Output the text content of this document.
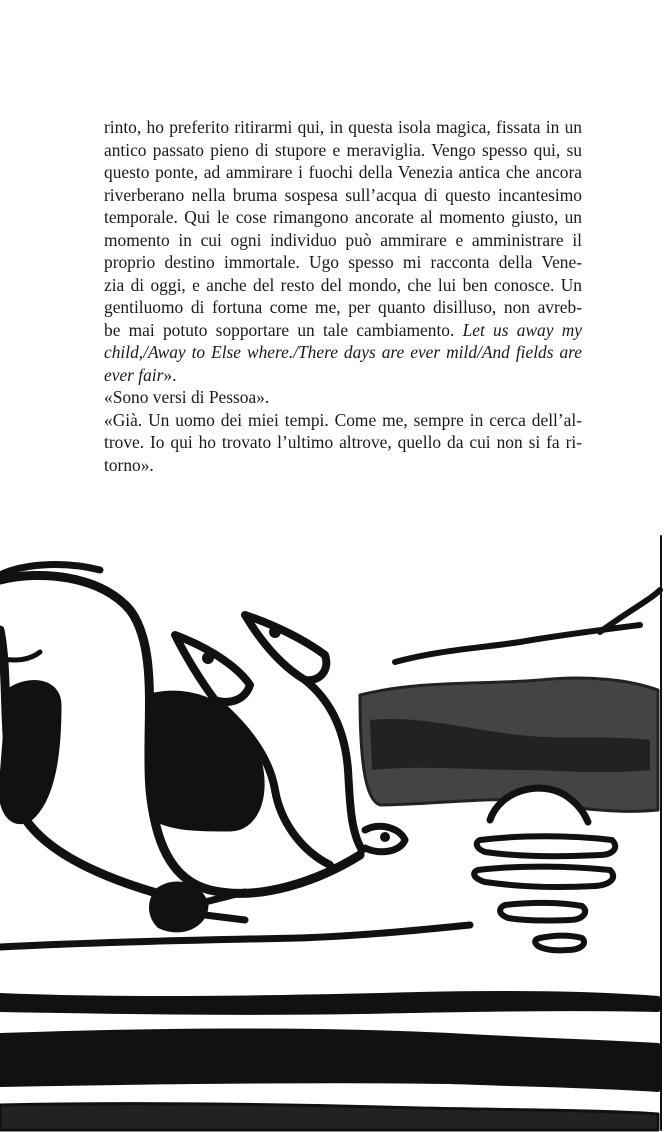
rinto, ho preferito ritirarmi qui, in questa isola magica, fissata in un
antico passato pieno di stupore e meraviglia. Vengo spesso qui, su
questo ponte, ad ammirare i fuochi della Venezia antica che ancora
riverberano nella bruma sospesa sull’acqua di questo incantesimo
temporale. Qui le cose rimangono ancorate al momento giusto, un
momento in cui ogni individuo può ammirare e amministrare il
proprio destino immortale. Ugo spesso mi racconta della Vene-
zia di oggi, e anche del resto del mondo, che lui ben conosce. Un
gentiluomo di fortuna come me, per quanto disilluso, non avreb-
be mai potuto sopportare un tale cambiamento. Let us away my
child,/Away to Else where./There days are ever mild/And fields are
ever fair».
«Sono versi di Pessoa».
«Già. Un uomo dei miei tempi. Come me, sempre in cerca dell’al-
trove. Io qui ho trovato l’ultimo altrove, quello da cui non si fa ri-
torno».
